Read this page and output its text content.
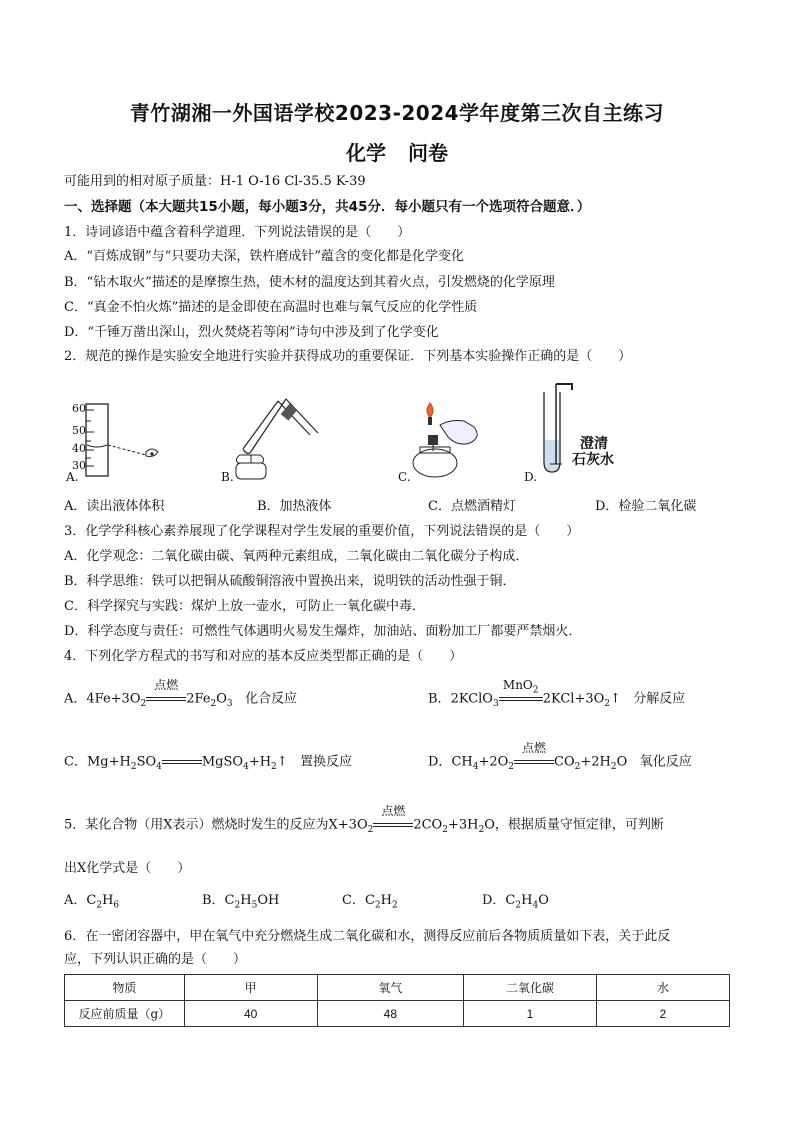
青竹湖湘一外国语学校2023-2024学年度第三次自主练习
化学 问卷
可能用到的相对原子质量：H-1 O-16 Cl-35.5 K-39
一、选择题（本大题共15小题，每小题3分，共45分．每小题只有一个选项符合题意．）
1．诗词谚语中蕴含着科学道理．下列说法错误的是（　　）
A．“百炼成钢”与“只要功夫深，铁杵磨成针”蕴含的变化都是化学变化
B．“钻木取火”描述的是摩擦生热，使木材的温度达到其着火点，引发燃烧的化学原理
C．“真金不怕火炼”描述的是金即使在高温时也难与氧气反应的化学性质
D．“千锤万凿出深山，烈火焚烧若等闲”诗句中涉及到了化学变化
2．规范的操作是实验安全地进行实验并获得成功的重要保证．下列基本实验操作正确的是（　　）
60
50
40
30
A.	B.	C.
澄清
石灰水
D.
A．读出液体体积	B．加热液体	C．点燃酒精灯	D．检验二氧化碳
3．化学学科核心素养展现了化学课程对学生发展的重要价值，下列说法错误的是（　　）
A．化学观念：二氧化碳由碳、氧两种元素组成，二氧化碳由二氧化碳分子构成．
B．科学思维：铁可以把铜从硫酸铜溶液中置换出来，说明铁的活动性强于铜．
C．科学探究与实践：煤炉上放一壶水，可防止一氧化碳中毒．
D．科学态度与责任：可燃性气体遇明火易发生爆炸，加油站、面粉加工厂都要严禁烟火．
4．下列化学方程式的书写和对应的基本反应类型都正确的是（　　）
A．$4Fe+3O_2$
点燃
$2Fe_2O_3$ 化合反应	B．2KClO$_3$
MnO$_2$
$2KCl+3O_2↑$   分解反应
C．$Mg+H_2SO_4$	$MgSO_4+H_2↑$   置换反应	D．$CH_4+2O_2$
点燃
$CO_2+2H_2O$   氧化反应
5．某化合物（用X表示）燃烧时发生的反应为$X+3O_2$
点燃
$2CO_2+3H_2O$，根据质量守恒定律，可判断
出X化学式是（　　）
A．$C_2H_6$	B．$C_2H_5OH$	C．$C_2H_2$	D．$C_2H_4O$
6．在一密闭容器中，甲在氧气中充分燃烧生成二氧化碳和水，测得反应前后各物质质量如下表，关于此反
应，下列认识正确的是（　　）
物质	甲	氧气	二氧化碳	水
反应前质量（g）	40	48	1	2
